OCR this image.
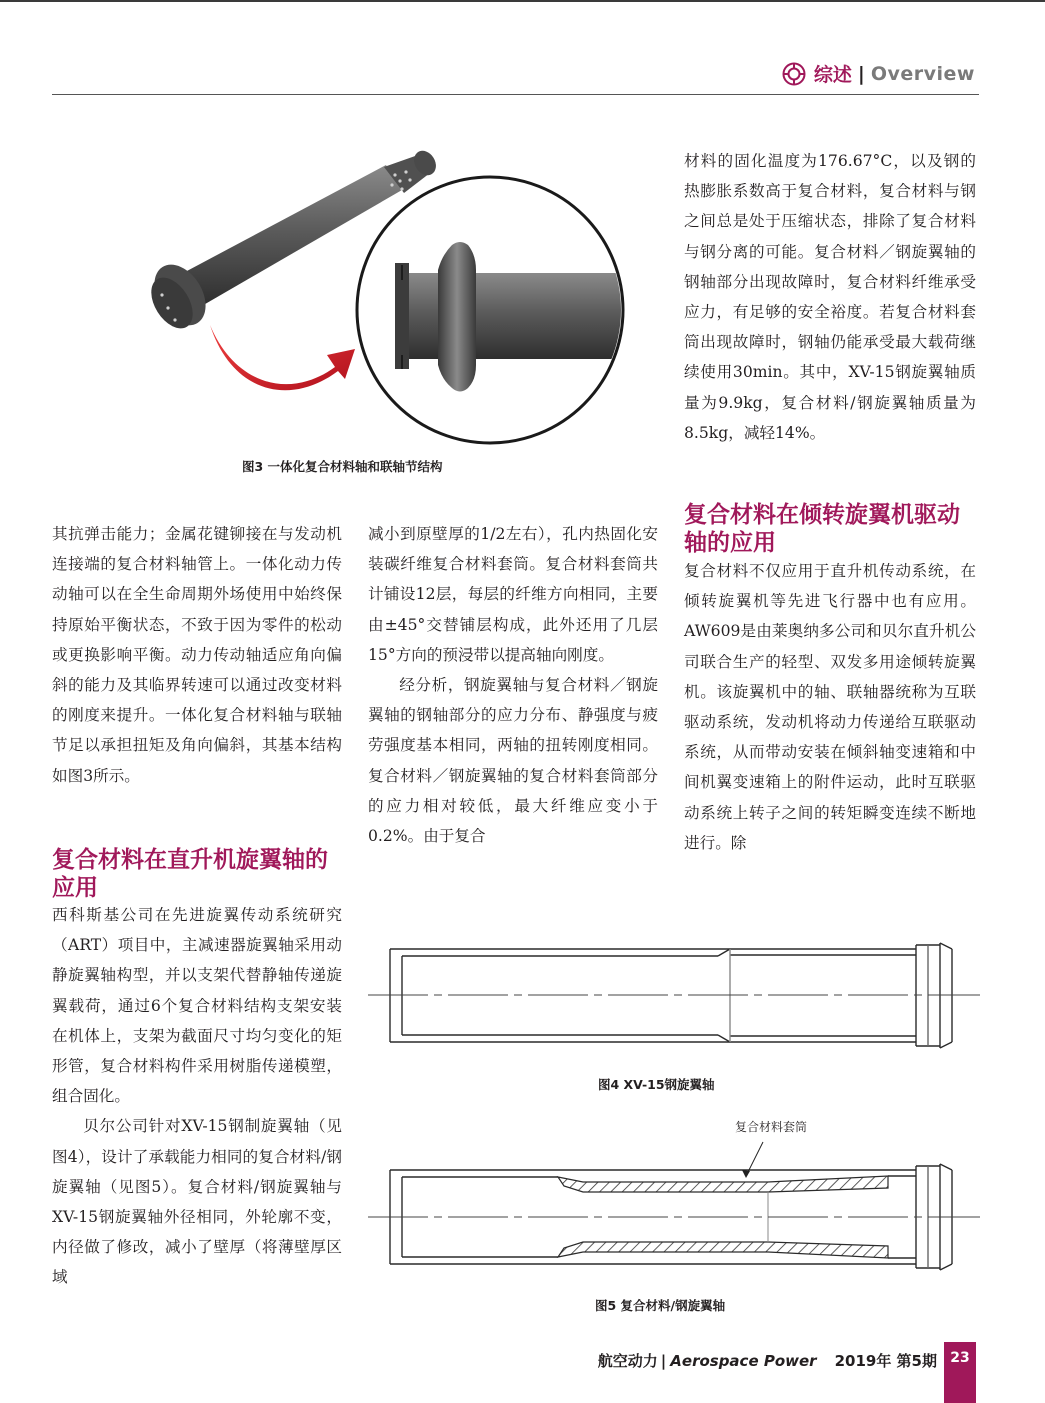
综述 | Overview
图3 一体化复合材料轴和联轴节结构

材料的固化温度为176.67°C，以及钢的热膨胀系数高于复合材料，复合材料与钢之间总是处于压缩状态，排除了复合材料与钢分离的可能。复合材料／钢旋翼轴的钢轴部分出现故障时，复合材料纤维承受应力，有足够的安全裕度。若复合材料套筒出现故障时，钢轴仍能承受最大载荷继续使用30min。其中，XV-15钢旋翼轴质量为9.9kg，复合材料/钢旋翼轴质量为8.5kg，减轻14%。

复合材料在倾转旋翼机驱动轴的应用

复合材料不仅应用于直升机传动系统，在倾转旋翼机等先进飞行器中也有应用。AW609是由莱奥纳多公司和贝尔直升机公司联合生产的轻型、双发多用途倾转旋翼机。该旋翼机中的轴、联轴器统称为互联驱动系统，发动机将动力传递给互联驱动系统，从而带动安装在倾斜轴变速箱和中间机翼变速箱上的附件运动，此时互联驱动系统上转子之间的转矩瞬变连续不断地进行。除

其抗弹击能力；金属花键铆接在与发动机连接端的复合材料轴管上。一体化动力传动轴可以在全生命周期外场使用中始终保持原始平衡状态，不致于因为零件的松动或更换影响平衡。动力传动轴适应角向偏斜的能力及其临界转速可以通过改变材料的刚度来提升。一体化复合材料轴与联轴节足以承担扭矩及角向偏斜，其基本结构如图3所示。

复合材料在直升机旋翼轴的应用

西科斯基公司在先进旋翼传动系统研究（ART）项目中，主减速器旋翼轴采用动静旋翼轴构型，并以支架代替静轴传递旋翼载荷，通过6个复合材料结构支架安装在机体上，支架为截面尺寸均匀变化的矩形管，复合材料构件采用树脂传递模塑，组合固化。

贝尔公司针对XV-15钢制旋翼轴（见图4），设计了承载能力相同的复合材料/钢旋翼轴（见图5）。复合材料/钢旋翼轴与XV-15钢旋翼轴外径相同，外轮廓不变，内径做了修改，减小了壁厚（将薄壁厚区域

减小到原壁厚的1/2左右），孔内热固化安装碳纤维复合材料套筒。复合材料套筒共计铺设12层，每层的纤维方向相同，主要由±45°交替铺层构成，此外还用了几层15°方向的预浸带以提高轴向刚度。

经分析，钢旋翼轴与复合材料／钢旋翼轴的钢轴部分的应力分布、静强度与疲劳强度基本相同，两轴的扭转刚度相同。复合材料／钢旋翼轴的复合材料套筒部分的应力相对较低，最大纤维应变小于0.2%。由于复合

图4 XV-15钢旋翼轴
复合材料套筒
图5 复合材料/钢旋翼轴
航空动力 | Aerospace Power 2019年 第5期 23
